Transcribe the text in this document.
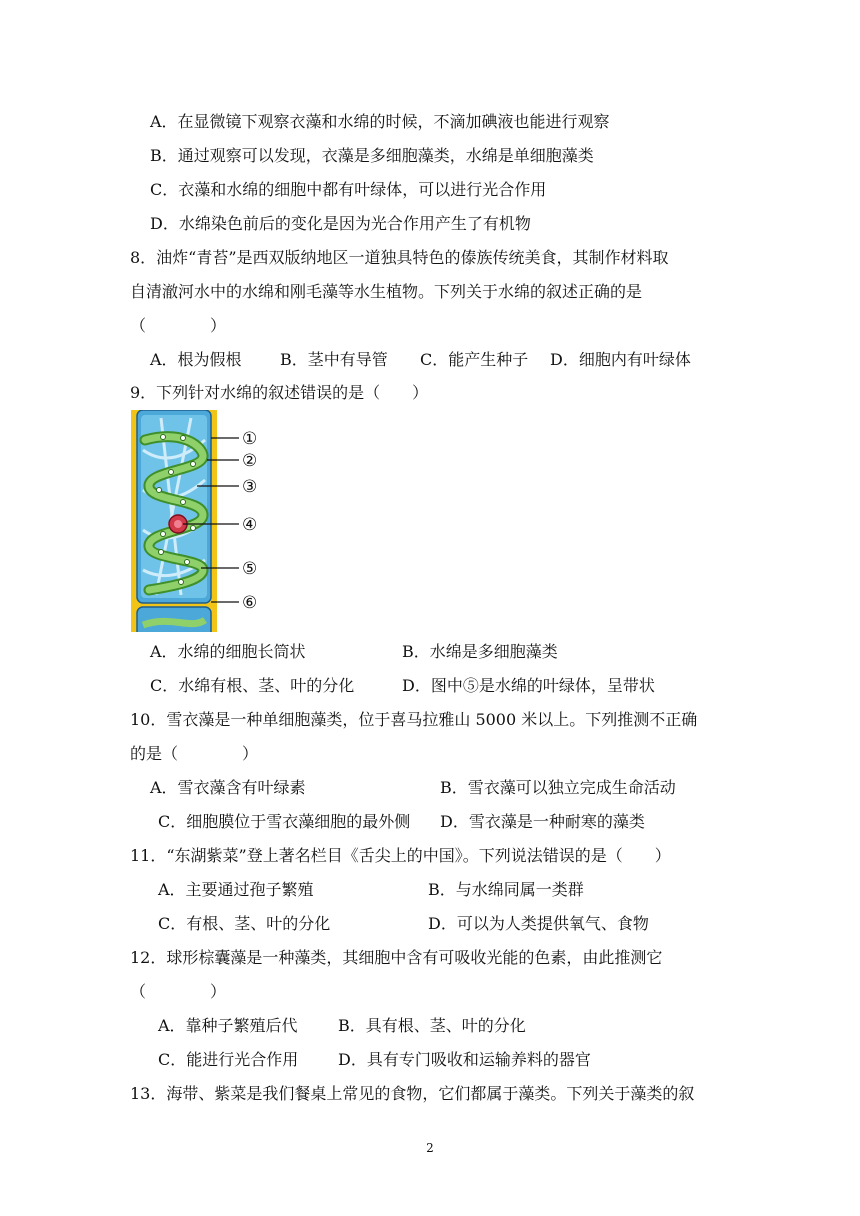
A．在显微镜下观察衣藻和水绵的时候，不滴加碘液也能进行观察
B．通过观察可以发现，衣藻是多细胞藻类，水绵是单细胞藻类
C．衣藻和水绵的细胞中都有叶绿体，可以进行光合作用
D．水绵染色前后的变化是因为光合作用产生了有机物
8．油炸“青苔”是西双版纳地区一道独具特色的傣族传统美食，其制作材料取
自清澈河水中的水绵和刚毛藻等水生植物。下列关于水绵的叙述正确的是
（　　　　）
A．根为假根 B．茎中有导管 C．能产生种子 D．细胞内有叶绿体
9．下列针对水绵的叙述错误的是（　　）
①
②
③
④
⑤
⑥
A．水绵的细胞长筒状	B．水绵是多细胞藻类
C．水绵有根、茎、叶的分化	D．图中⑤是水绵的叶绿体，呈带状
10．雪衣藻是一种单细胞藻类，位于喜马拉雅山 5000 米以上。下列推测不正确
的是（　　　　）
A．雪衣藻含有叶绿素	B．雪衣藻可以独立完成生命活动
C．细胞膜位于雪衣藻细胞的最外侧 D．雪衣藻是一种耐寒的藻类
11．“东湖紫菜”登上著名栏目《舌尖上的中国》。下列说法错误的是（　　）
A．主要通过孢子繁殖	B．与水绵同属一类群
C．有根、茎、叶的分化	D．可以为人类提供氧气、食物
12．球形棕囊藻是一种藻类，其细胞中含有可吸收光能的色素，由此推测它
（　　　　）
A．靠种子繁殖后代	B．具有根、茎、叶的分化
C．能进行光合作用 D．具有专门吸收和运输养料的器官
13．海带、紫菜是我们餐桌上常见的食物，它们都属于藻类。下列关于藻类的叙
2
